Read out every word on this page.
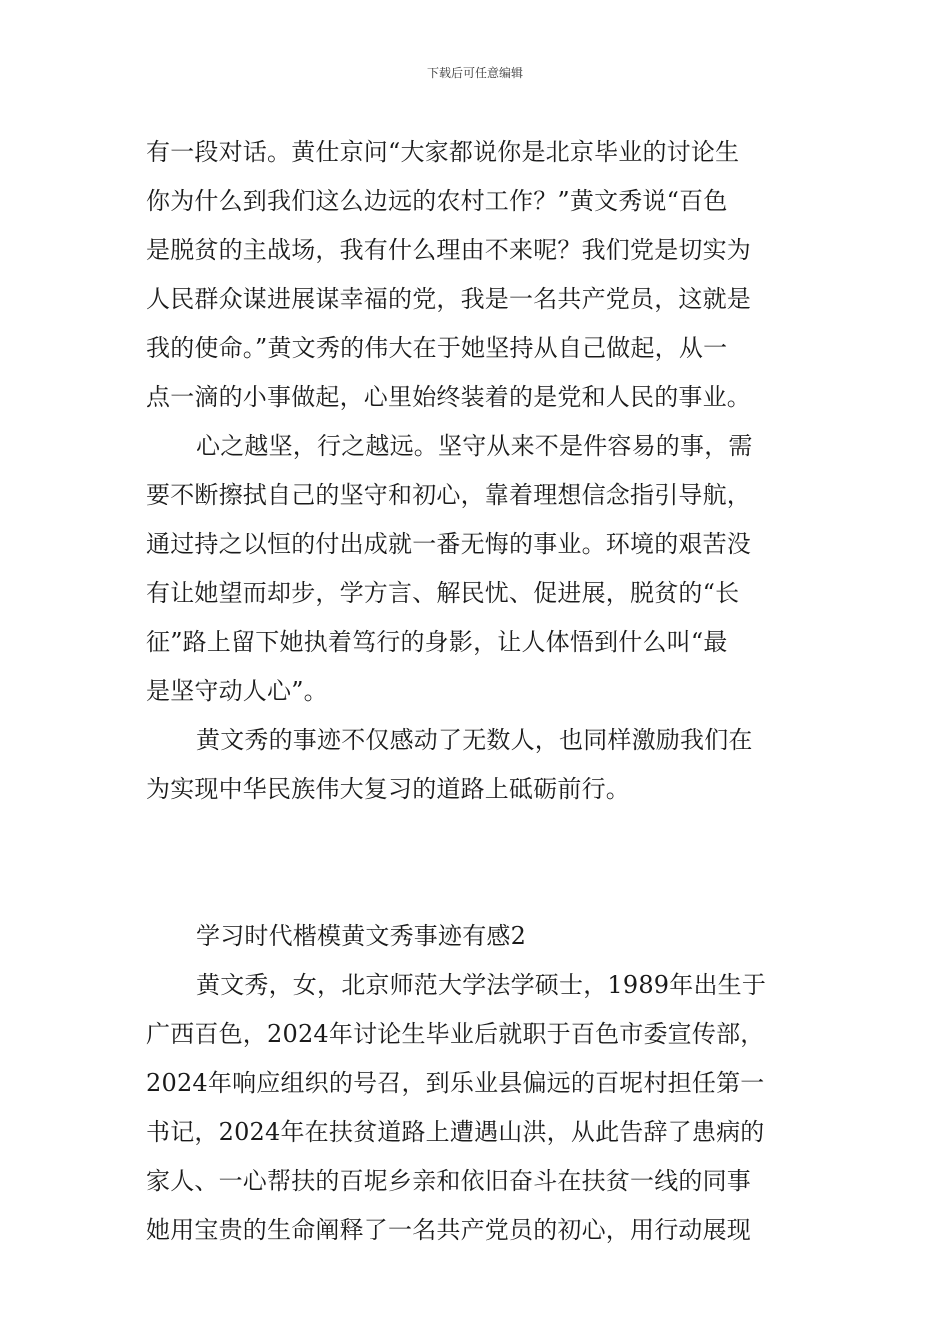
下载后可任意编辑
有一段对话。黄仕京问“大家都说你是北京毕业的讨论生
你为什么到我们这么边远的农村工作？”黄文秀说“百色
是脱贫的主战场，我有什么理由不来呢？我们党是切实为
人民群众谋进展谋幸福的党，我是一名共产党员，这就是
我的使命。”黄文秀的伟大在于她坚持从自己做起，从一
点一滴的小事做起，心里始终装着的是党和人民的事业。
心之越坚，行之越远。坚守从来不是件容易的事，需
要不断擦拭自己的坚守和初心，靠着理想信念指引导航，
通过持之以恒的付出成就一番无悔的事业。环境的艰苦没
有让她望而却步，学方言、解民忧、促进展，脱贫的“长
征”路上留下她执着笃行的身影，让人体悟到什么叫“最
是坚守动人心”。
黄文秀的事迹不仅感动了无数人，也同样激励我们在
为实现中华民族伟大复习的道路上砥砺前行。
学习时代楷模黄文秀事迹有感2
黄文秀，女，北京师范大学法学硕士，1989年出生于
广西百色，2024年讨论生毕业后就职于百色市委宣传部，
2024年响应组织的号召，到乐业县偏远的百坭村担任第一
书记，2024年在扶贫道路上遭遇山洪，从此告辞了患病的
家人、一心帮扶的百坭乡亲和依旧奋斗在扶贫一线的同事
她用宝贵的生命阐释了一名共产党员的初心，用行动展现
